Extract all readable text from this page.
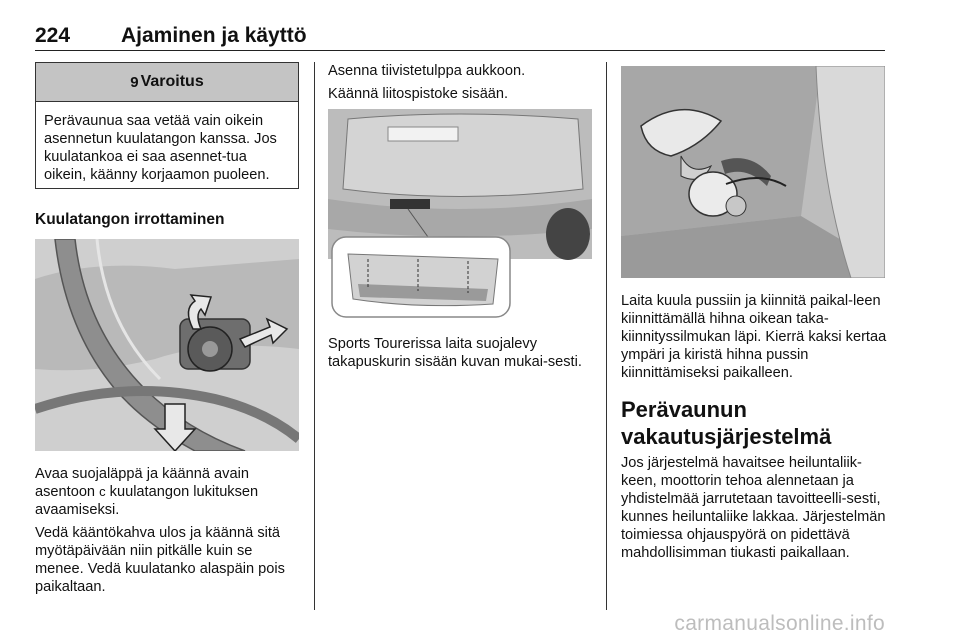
224 Ajaminen ja käyttö
9 Varoitus
Perävaunua saa vetää vain oikein asennetun kuulatangon kanssa. Jos kuulatankoa ei saa asennet-tua oikein, käänny korjaamon puoleen.
Kuulatangon irrottaminen

Avaa suojaläppä ja käännä avain asentoon c kuulatangon lukituksen avaamiseksi.

Vedä kääntökahva ulos ja käännä sitä myötäpäivään niin pitkälle kuin se menee. Vedä kuulatanko alaspäin pois paikaltaan.

Asenna tiivistetulppa aukkoon.

Käännä liitospistoke sisään.

Sports Tourerissa laita suojalevy takapuskurin sisään kuvan mukai-sesti.

Laita kuula pussiin ja kiinnitä paikal-leen kiinnittämällä hihna oikean taka-kiinnityssilmukan läpi. Kierrä kaksi kertaa ympäri ja kiristä hihna pussin kiinnittämiseksi paikalleen.

Perävaunun vakautusjärjestelmä

Jos järjestelmä havaitsee heiluntaliik-keen, moottorin tehoa alennetaan ja yhdistelmää jarrutetaan tavoitteelli-sesti, kunnes heiluntaliike lakkaa. Järjestelmän toimiessa ohjauspyörä on pidettävä mahdollisimman tiukasti paikallaan.

carmanualsonline.info
